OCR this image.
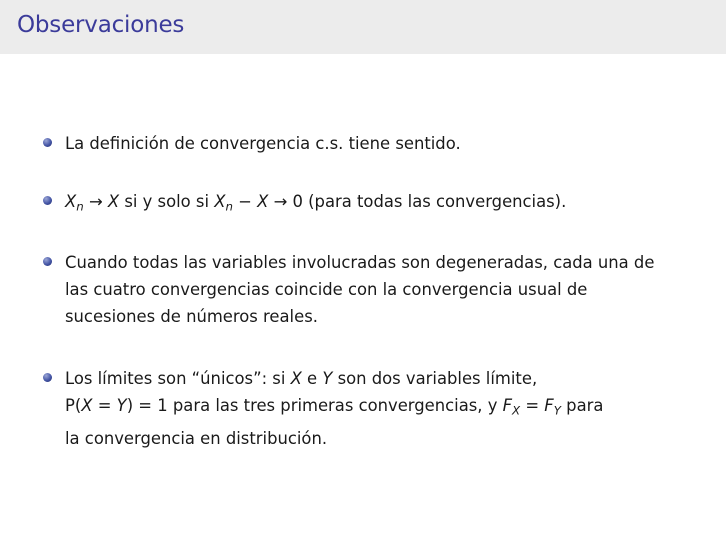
Observaciones
La definición de convergencia c.s. tiene sentido.
$X_n \to X$ si y solo si $X_n - X \to 0$ (para todas las convergencias).
Cuando todas las variables involucradas son degeneradas, cada una de
las cuatro convergencias coincide con la convergencia usual de
sucesiones de números reales.
Los límites son “únicos”: si X e Y son dos variables límite,
P(X = Y) = 1 para las tres primeras convergencias, y $F_X = F_Y$ para
la convergencia en distribución.
